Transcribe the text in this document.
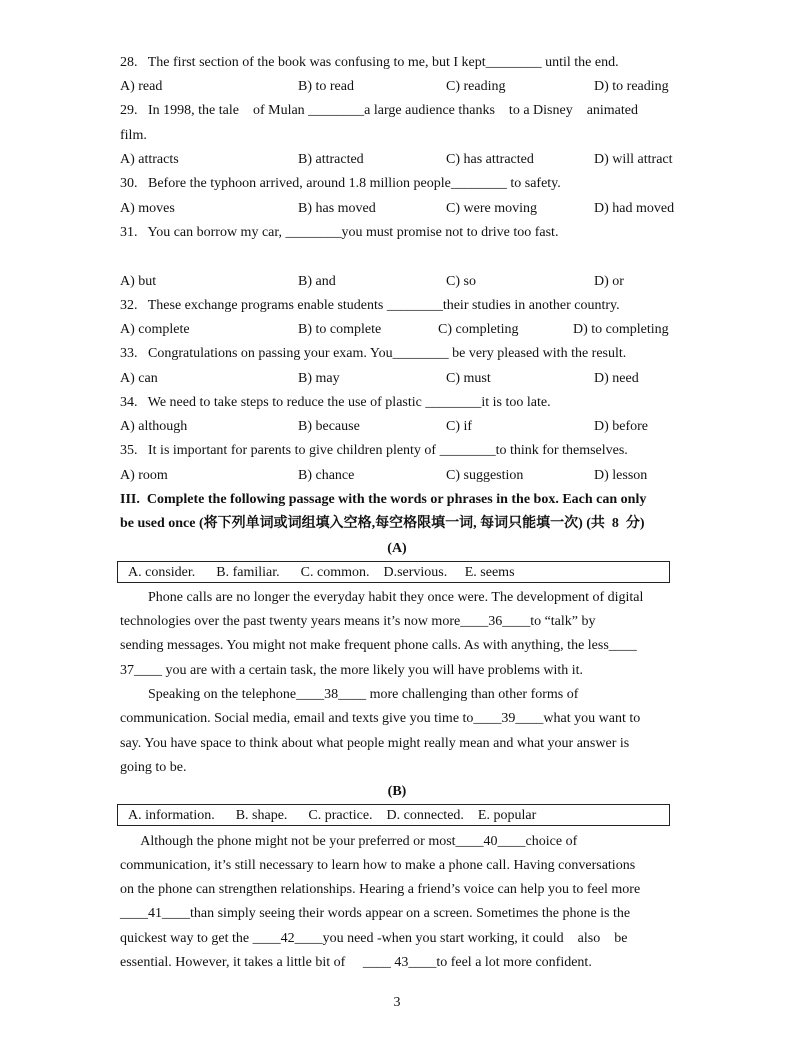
28.   The first section of the book was confusing to me, but I kept________ until the end.
A) read	B) to read	C) reading	D) to reading
29.   In 1998, the tale    of Mulan ________a large audience thanks    to a Disney    animated
film.
A) attracts	B) attracted	C) has attracted	D) will attract
30.   Before the typhoon arrived, around 1.8 million people________ to safety.
A) moves	B) has moved	C) were moving	D) had moved
31.   You can borrow my car, ________you must promise not to drive too fast.
A) but	B) and	C) so	D) or
32.   These exchange programs enable students ________their studies in another country.
A) complete	B) to complete	C) completing	D) to completing
33.   Congratulations on passing your exam. You________ be very pleased with the result.
A) can	B) may	C) must	D) need
34.   We need to take steps to reduce the use of plastic ________it is too late.
A) although	B) because	C) if	D) before
35.   It is important for parents to give children plenty of ________to think for themselves.
A) room	B) chance	C) suggestion	D) lesson
III.  Complete the following passage with the words or phrases in the box. Each can only
be used once (将下列单词或词组填入空格,每空格限填一词, 每词只能填一次) (共  8  分)
(A)
A. consider.      B. familiar.      C. common.    D.servious.     E. seems
Phone calls are no longer the everyday habit they once were. The development of digital
technologies over the past twenty years means it’s now more____36____to “talk” by
sending messages. You might not make frequent phone calls. As with anything, the less____
37____ you are with a certain task, the more likely you will have problems with it.
Speaking on the telephone____38____ more challenging than other forms of
communication. Social media, email and texts give you time to____39____what you want to
say. You have space to think about what people might really mean and what your answer is
going to be.
(B)
A. information.      B. shape.      C. practice.    D. connected.    E. popular
Although the phone might not be your preferred or most____40____choice of
communication, it’s still necessary to learn how to make a phone call. Having conversations
on the phone can strengthen relationships. Hearing a friend’s voice can help you to feel more
____41____than simply seeing their words appear on a screen. Sometimes the phone is the
quickest way to get the ____42____you need -when you start working, it could    also    be
essential. However, it takes a little bit of     ____ 43____to feel a lot more confident.
3
